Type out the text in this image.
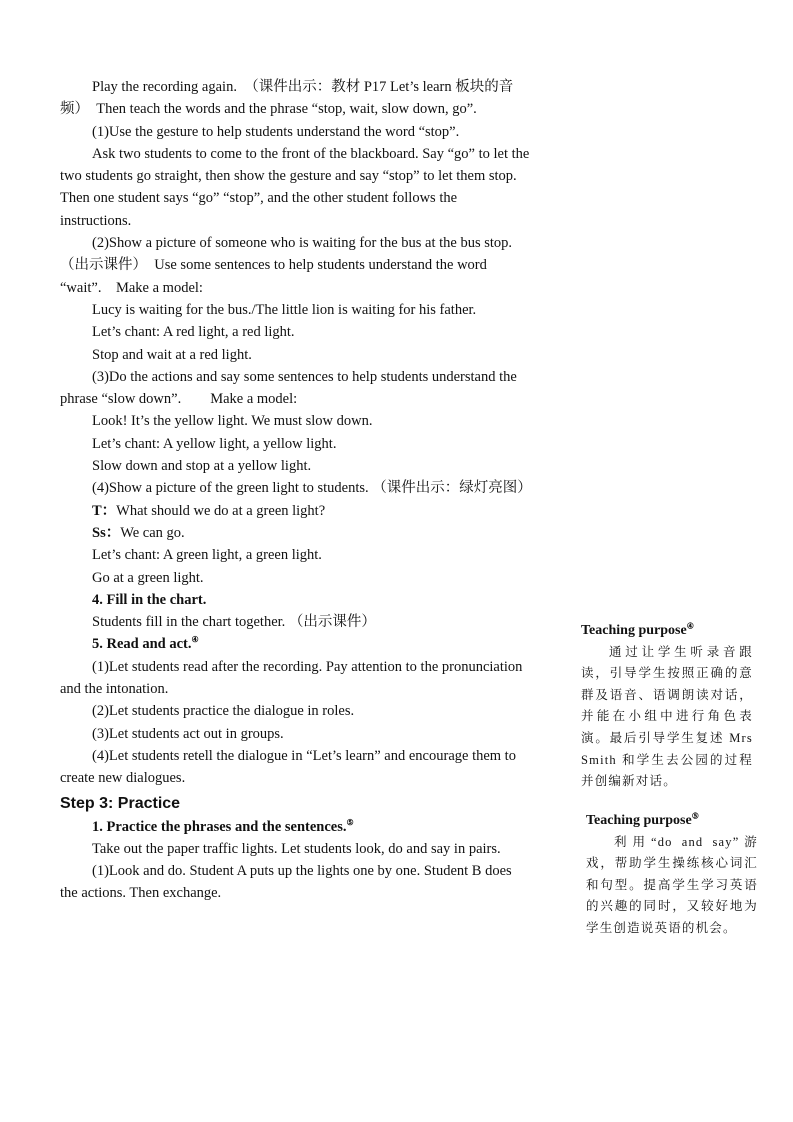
Play the recording again.　（课件出示：教材 P17 Let’s learn 板块的音频）　Then teach the words and the phrase “stop, wait, slow down, go”.

(1)Use the gesture to help students understand the word “stop”.

Ask two students to come to the front of the blackboard. Say “go” to let the two students go straight, then show the gesture and say “stop” to let them stop. Then one student says “go” “stop”, and the other student follows the instructions.

(2)Show a picture of someone who is waiting for the bus at the bus stop.（出示课件）　Use some sentences to help students understand the word “wait”.　Make a model:

Lucy is waiting for the bus./The little lion is waiting for his father.

Let’s chant: A red light, a red light.

Stop and wait at a red light.

(3)Do the actions and say some sentences to help students understand the phrase “slow down”.　　Make a model:

Look! It’s the yellow light. We must slow down.

Let’s chant: A yellow light, a yellow light.

Slow down and stop at a yellow light.

(4)Show a picture of the green light to students. （课件出示：绿灯亮图）

T：What should we do at a green light?

Ss：We can go.

Let’s chant: A green light, a green light.

Go at a green light.

4. Fill in the chart.

Students fill in the chart together. （出示课件）

5. Read and act.④

(1)Let students read after the recording. Pay attention to the pronunciation and the intonation.

(2)Let students practice the dialogue in roles.

(3)Let students act out in groups.

(4)Let students retell the dialogue in “Let’s learn” and encourage them to create new dialogues.

Step 3: Practice

1. Practice the phrases and the sentences.⑤

Take out the paper traffic lights. Let students look, do and say in pairs.

(1)Look and do. Student A puts up the lights one by one. Student B does the actions. Then exchange.

Teaching purpose④

通过让学生听录音跟读，引导学生按照正确的意群及语音、语调朗读对话，并能在小组中进行角色表演。最后引导学生复述 Mrs Smith 和学生去公园的过程并创编新对话。

Teaching purpose⑤

利用“do and say”游戏，帮助学生操练核心词汇和句型。提高学生学习英语的兴趣的同时，又较好地为学生创造说英语的机会。
